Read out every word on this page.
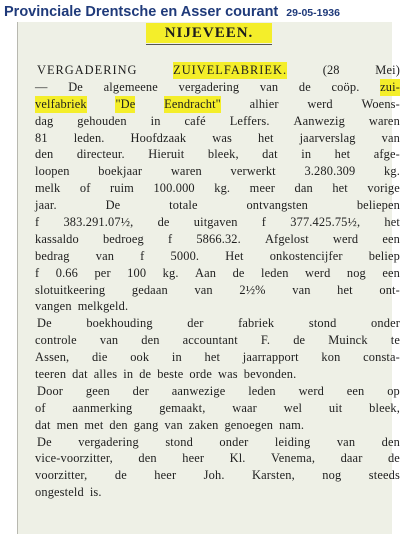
Provinciale Drentsche en Asser courant 29-05-1936
NIJEVEEN.
VERGADERING	ZUIVELFABRIEK.	(28	Mei)
— De algemeene vergadering van de coöp. zui-
velfabriek "De Eendracht" alhier werd Woens-
dag gehouden in café Leffers. Aanwezig waren
81 leden. Hoofdzaak was het jaarverslag van
den directeur. Hieruit bleek, dat in het afge-
loopen boekjaar waren verwerkt 3.280.309 kg.
melk of ruim 100.000 kg. meer dan het vorige
jaar.	De	totale	ontvangsten	beliepen
f 383.291.07½, de uitgaven f 377.425.75½, het
kassaldo bedroeg f 5866.32. Afgelost werd een
bedrag van f 5000. Het onkostencijfer beliep
f 0.66 per 100 kg. Aan de leden werd nog een
slotuitkeering gedaan van 2½% van het ont-
vangen melkgeld.
De	boekhouding	der	fabriek	stond	onder
controle van den accountant F. de Muinck te
Assen, die ook in het jaarrapport kon consta-
teeren dat alles in de beste orde was bevonden.
Door geen der aanwezige leden werd een op
of aanmerking gemaakt, waar wel uit bleek,
dat men met den gang van zaken genoegen nam.
De vergadering stond onder leiding van den
vice-voorzitter, den heer Kl. Venema, daar de
voorzitter, de heer Joh. Karsten, nog steeds
ongesteld is.
